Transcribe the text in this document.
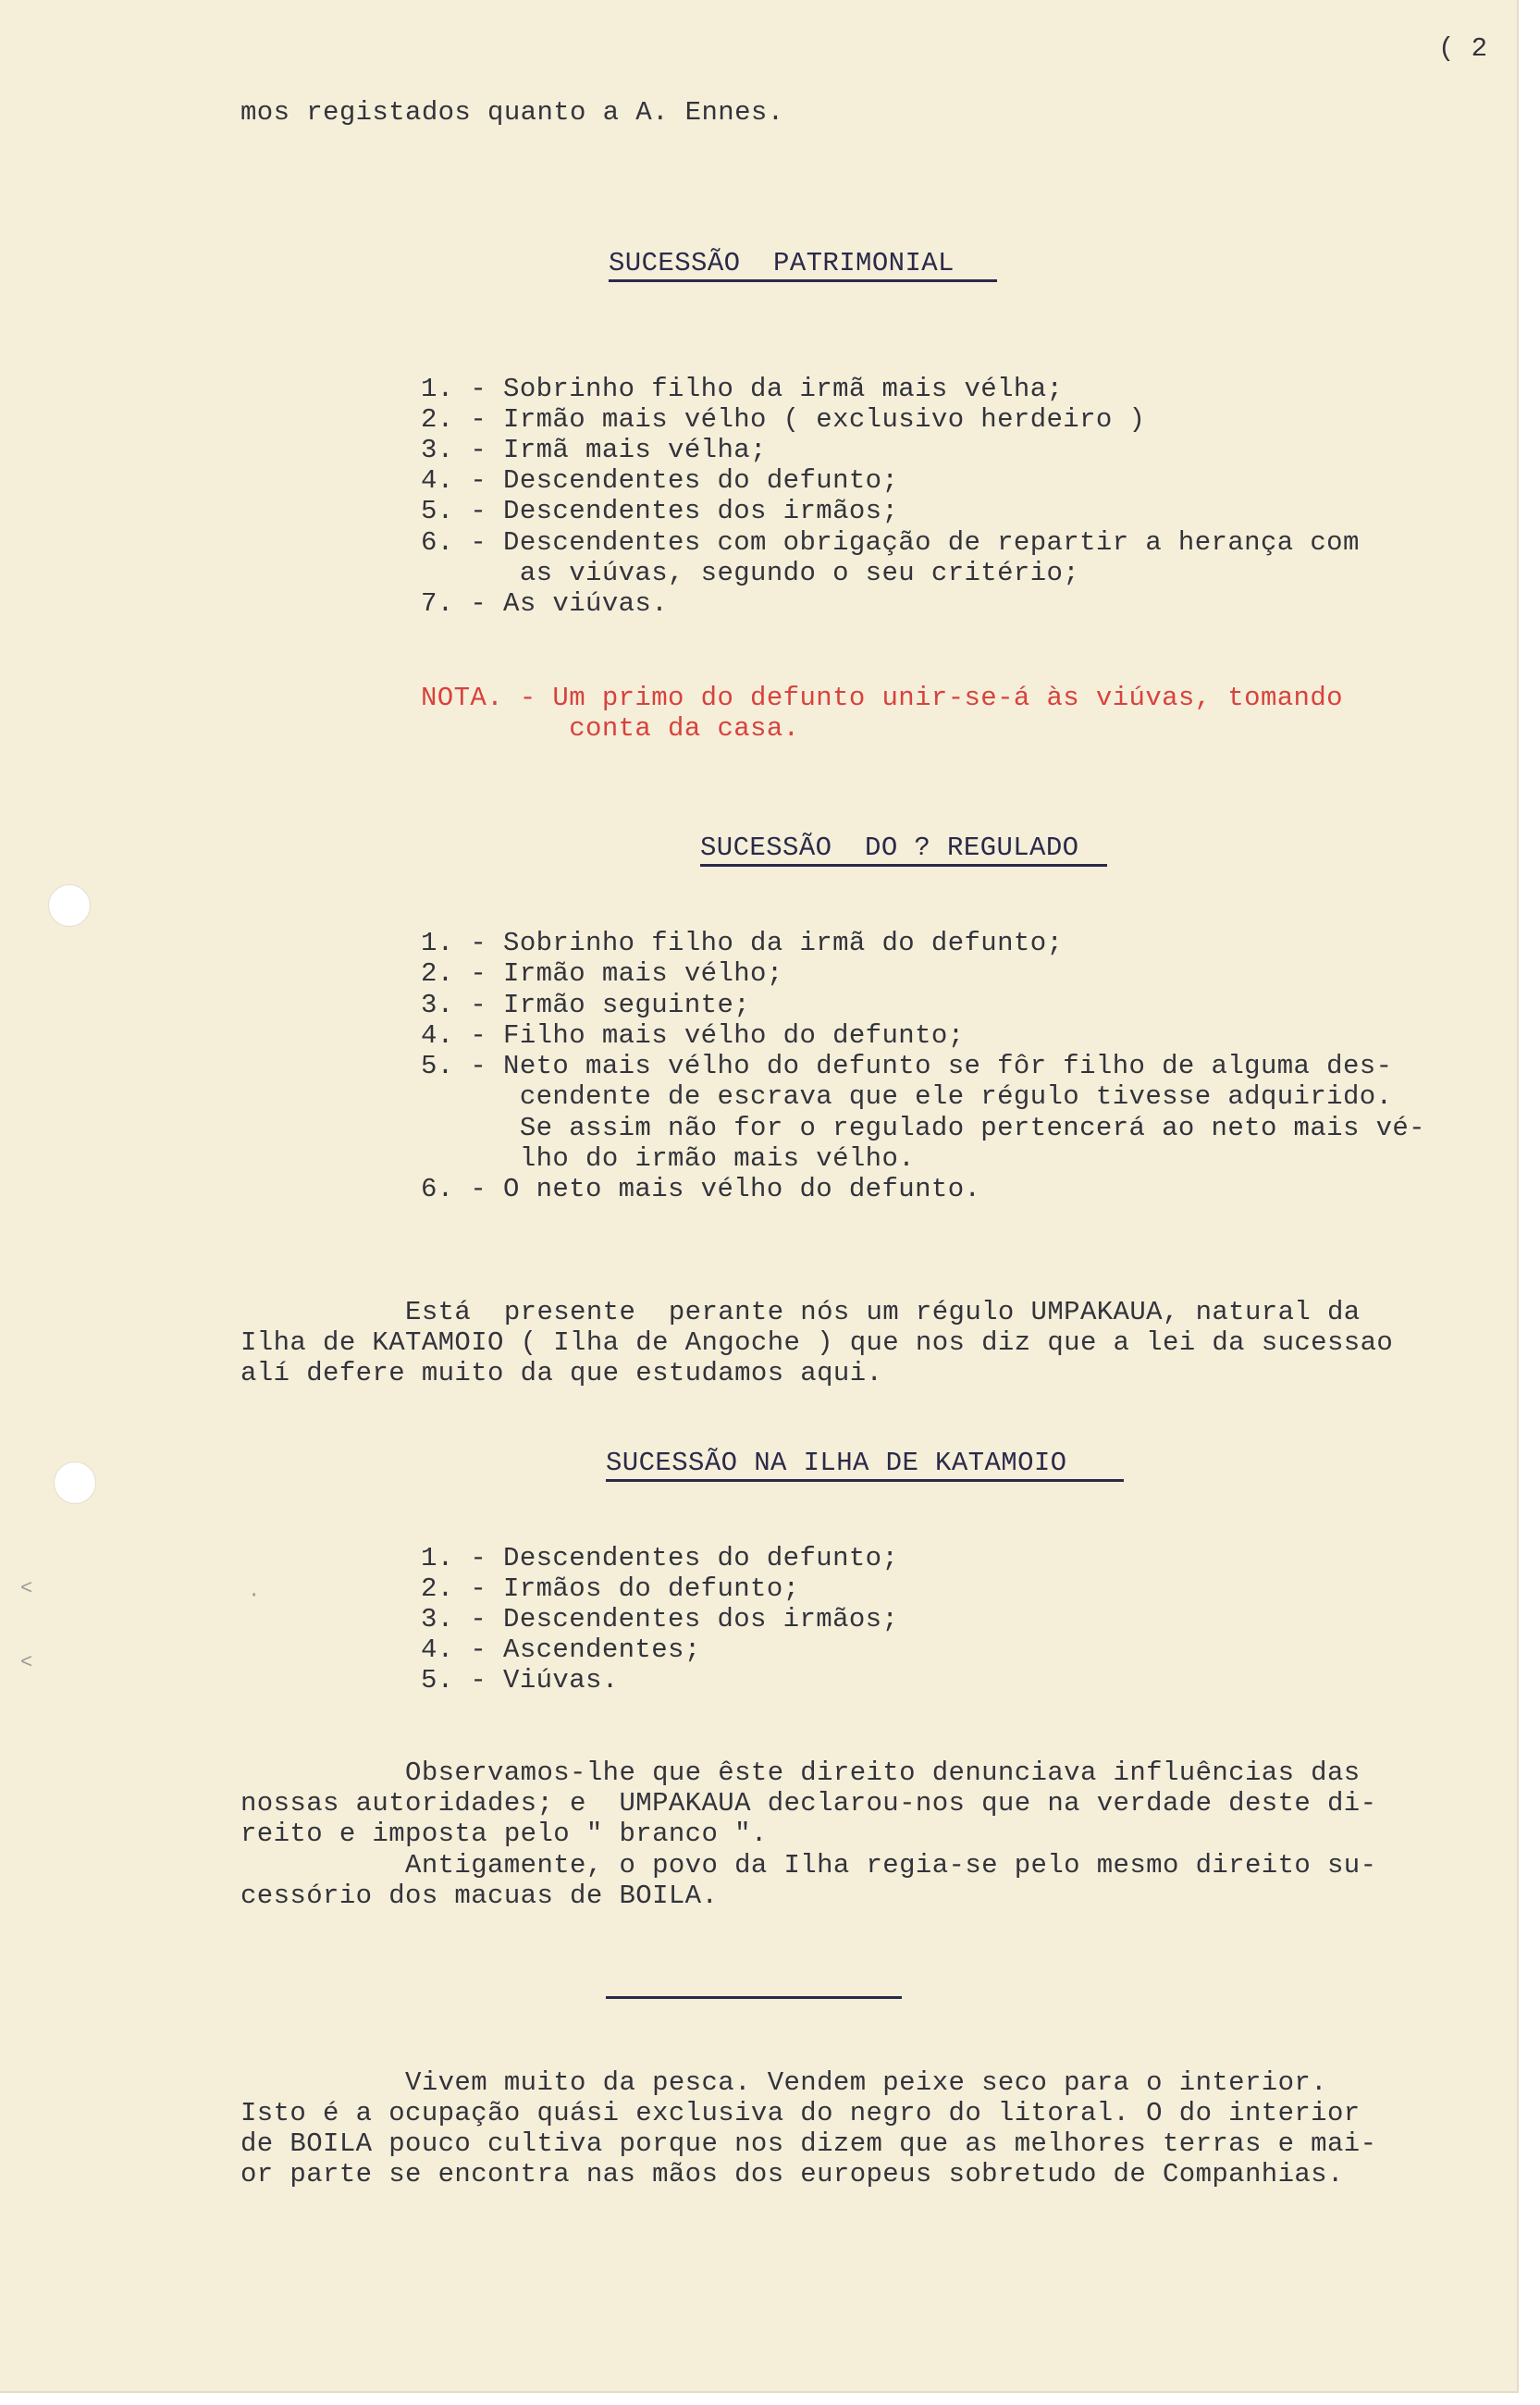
( 2

mos registados quanto a A. Ennes.

SUCESSÃO  PATRIMONIAL

1. - Sobrinho filho da irmã mais vélha;

2. - Irmão mais vélho ( exclusivo herdeiro )

3. - Irmã mais vélha;

4. - Descendentes do defunto;

5. - Descendentes dos irmãos;

6. - Descendentes com obrigação de repartir a herança com

as viúvas, segundo o seu critério;

7. - As viúvas.

NOTA. - Um primo do defunto unir-se-á às viúvas, tomando

conta da casa.

SUCESSÃO  DO ? REGULADO

1. - Sobrinho filho da irmã do defunto;

2. - Irmão mais vélho;

3. - Irmão seguinte;

4. - Filho mais vélho do defunto;

5. - Neto mais vélho do defunto se fôr filho de alguma des-

cendente de escrava que ele régulo tivesse adquirido.

Se assim não for o regulado pertencerá ao neto mais vé-

lho do irmão mais vélho.

6. - O neto mais vélho do defunto.

Está  presente  perante nós um régulo UMPAKAUA, natural da

Ilha de KATAMOIO ( Ilha de Angoche ) que nos diz que a lei da sucessao

alí defere muito da que estudamos aqui.

SUCESSÃO NA ILHA DE KATAMOIO

1. - Descendentes do defunto;

2. - Irmãos do defunto;

3. - Descendentes dos irmãos;

4. - Ascendentes;

5. - Viúvas.

Observamos-lhe que êste direito denunciava influências das

nossas autoridades; e  UMPAKAUA declarou-nos que na verdade deste di-

reito e imposta pelo " branco ".

Antigamente, o povo da Ilha regia-se pelo mesmo direito su-

cessório dos macuas de BOILA.

Vivem muito da pesca. Vendem peixe seco para o interior.

Isto é a ocupação quási exclusiva do negro do litoral. O do interior

de BOILA pouco cultiva porque nos dizem que as melhores terras e mai-

or parte se encontra nas mãos dos europeus sobretudo de Companhias.

<
<
·
